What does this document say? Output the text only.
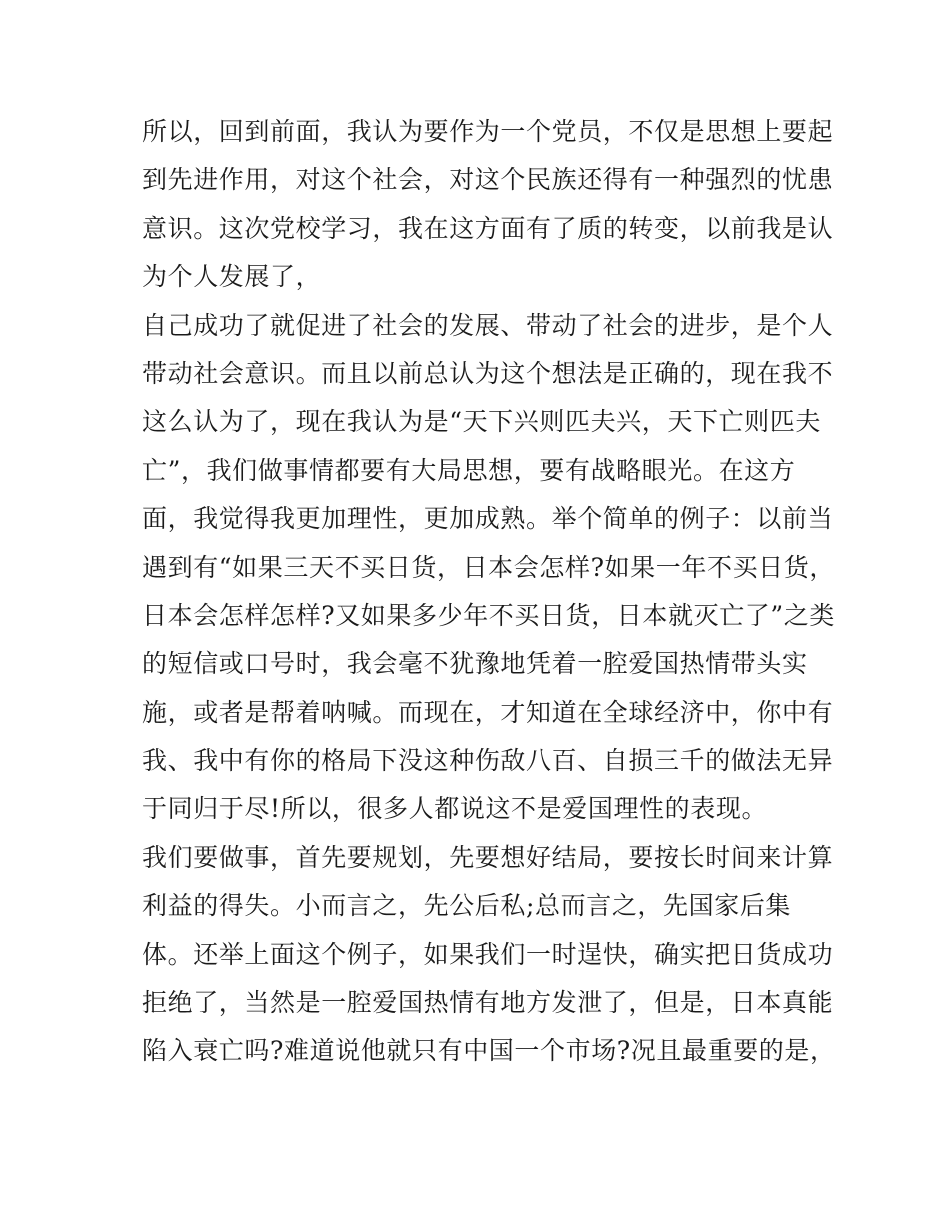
所以，回到前面，我认为要作为一个党员，不仅是思想上要起
到先进作用，对这个社会，对这个民族还得有一种强烈的忧患
意识。这次党校学习，我在这方面有了质的转变，以前我是认
为个人发展了，
自己成功了就促进了社会的发展、带动了社会的进步，是个人
带动社会意识。而且以前总认为这个想法是正确的，现在我不
这么认为了，现在我认为是“天下兴则匹夫兴，天下亡则匹夫
亡”，我们做事情都要有大局思想，要有战略眼光。在这方
面，我觉得我更加理性，更加成熟。举个简单的例子：以前当
遇到有“如果三天不买日货，日本会怎样?如果一年不买日货，
日本会怎样怎样?又如果多少年不买日货，日本就灭亡了”之类
的短信或口号时，我会毫不犹豫地凭着一腔爱国热情带头实
施，或者是帮着呐喊。而现在，才知道在全球经济中，你中有
我、我中有你的格局下没这种伤敌八百、自损三千的做法无异
于同归于尽!所以，很多人都说这不是爱国理性的表现。
我们要做事，首先要规划，先要想好结局，要按长时间来计算
利益的得失。小而言之，先公后私;总而言之，先国家后集
体。还举上面这个例子，如果我们一时逞快，确实把日货成功
拒绝了，当然是一腔爱国热情有地方发泄了，但是，日本真能
陷入衰亡吗?难道说他就只有中国一个市场?况且最重要的是，
